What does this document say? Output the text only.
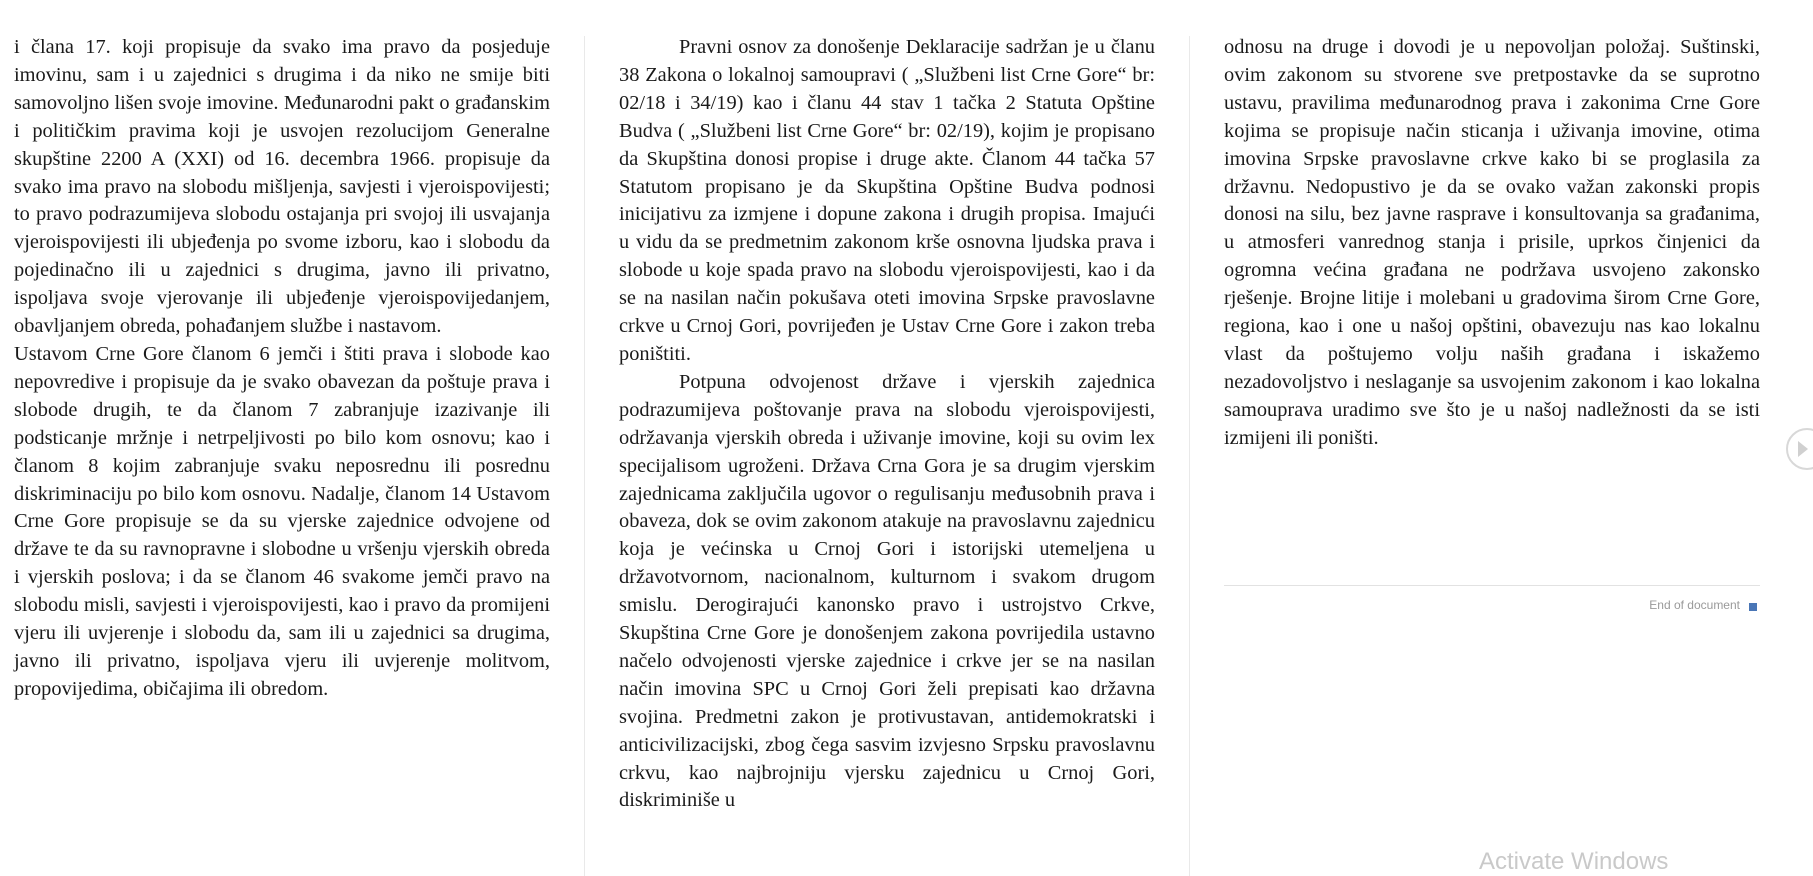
i člana 17. koji propisuje da svako ima pravo da posjeduje imovinu, sam i u zajednici s drugima i da niko ne smije biti samovoljno lišen svoje imovine. Međunarodni pakt o građanskim i političkim pravima koji je usvojen rezolucijom Generalne skupštine 2200 A (XXI) od 16. decembra 1966. propisuje da svako ima pravo na slobodu mišljenja, savjesti i vjeroispovijesti; to pravo podrazumijeva slobodu ostajanja pri svojoj ili usvajanja vjeroispovijesti ili ubjeđenja po svome izboru, kao i slobodu da pojedinačno ili u zajednici s drugima, javno ili privatno, ispoljava svoje vjerovanje ili ubjeđenje vjeroispovijedanjem, obavljanjem obreda, pohađanjem službe i nastavom.

Ustavom Crne Gore članom 6 jemči i štiti prava i slobode kao nepovredive i propisuje da je svako obavezan da poštuje prava i slobode drugih, te da članom 7 zabranjuje izazivanje ili podsticanje mržnje i netrpeljivosti po bilo kom osnovu; kao i članom 8 kojim zabranjuje svaku neposrednu ili posrednu diskriminaciju po bilo kom osnovu. Nadalje, članom 14 Ustavom Crne Gore propisuje se da su vjerske zajednice odvojene od države te da su ravnopravne i slobodne u vršenju vjerskih obreda i vjerskih poslova; i da se članom 46 svakome jemči pravo na slobodu misli, savjesti i vjeroispovijesti, kao i pravo da promijeni vjeru ili uvjerenje i slobodu da, sam ili u zajednici sa drugima, javno ili privatno, ispoljava vjeru ili uvjerenje molitvom, propovijedima, običajima ili obredom.

Pravni osnov za donošenje Deklaracije sadržan je u članu 38 Zakona o lokalnoj samoupravi ( „Službeni list Crne Gore“ br: 02/18 i 34/19) kao i članu 44 stav 1 tačka 2 Statuta Opštine Budva ( „Službeni list Crne Gore“ br: 02/19), kojim je propisano da Skupština donosi propise i druge akte. Članom 44 tačka 57 Statutom propisano je da Skupština Opštine Budva podnosi inicijativu za izmjene i dopune zakona i drugih propisa. Imajući u vidu da se predmetnim zakonom krše osnovna ljudska prava i slobode u koje spada pravo na slobodu vjeroispovijesti, kao i da se na nasilan način pokušava oteti imovina Srpske pravoslavne crkve u Crnoj Gori, povrijeđen je Ustav Crne Gore i zakon treba poništiti.

Potpuna odvojenost države i vjerskih zajednica podrazumijeva poštovanje prava na slobodu vjeroispovijesti, održavanja vjerskih obreda i uživanje imovine, koji su ovim lex specijalisom ugroženi. Država Crna Gora je sa drugim vjerskim zajednicama zaključila ugovor o regulisanju međusobnih prava i obaveza, dok se ovim zakonom atakuje na pravoslavnu zajednicu koja je većinska u Crnoj Gori i istorijski utemeljena u državotvornom, nacionalnom, kulturnom i svakom drugom smislu. Derogirajući kanonsko pravo i ustrojstvo Crkve, Skupština Crne Gore je donošenjem zakona povrijedila ustavno načelo odvojenosti vjerske zajednice i crkve jer se na nasilan način imovina SPC u Crnoj Gori želi prepisati kao državna svojina. Predmetni zakon je protivustavan, antidemokratski i anticivilizacijski, zbog čega sasvim izvjesno Srpsku pravoslavnu crkvu, kao najbrojniju vjersku zajednicu u Crnoj Gori, diskriminiše u

odnosu na druge i dovodi je u nepovoljan položaj. Suštinski, ovim zakonom su stvorene sve pretpostavke da se suprotno ustavu, pravilima međunarodnog prava i zakonima Crne Gore kojima se propisuje način sticanja i uživanja imovine, otima imovina Srpske pravoslavne crkve kako bi se proglasila za državnu. Nedopustivo je da se ovako važan zakonski propis donosi na silu, bez javne rasprave i konsultovanja sa građanima, u atmosferi vanrednog stanja i prisile, uprkos činjenici da ogromna većina građana ne podržava usvojeno zakonsko rješenje. Brojne litije i molebani u gradovima širom Crne Gore, regiona, kao i one u našoj opštini, obavezuju nas kao lokalnu vlast da poštujemo volju naših građana i iskažemo nezadovoljstvo i neslaganje sa usvojenim zakonom i kao lokalna samouprava uradimo sve što je u našoj nadležnosti da se isti izmijeni ili poništi.

End of document
Activate Windows
